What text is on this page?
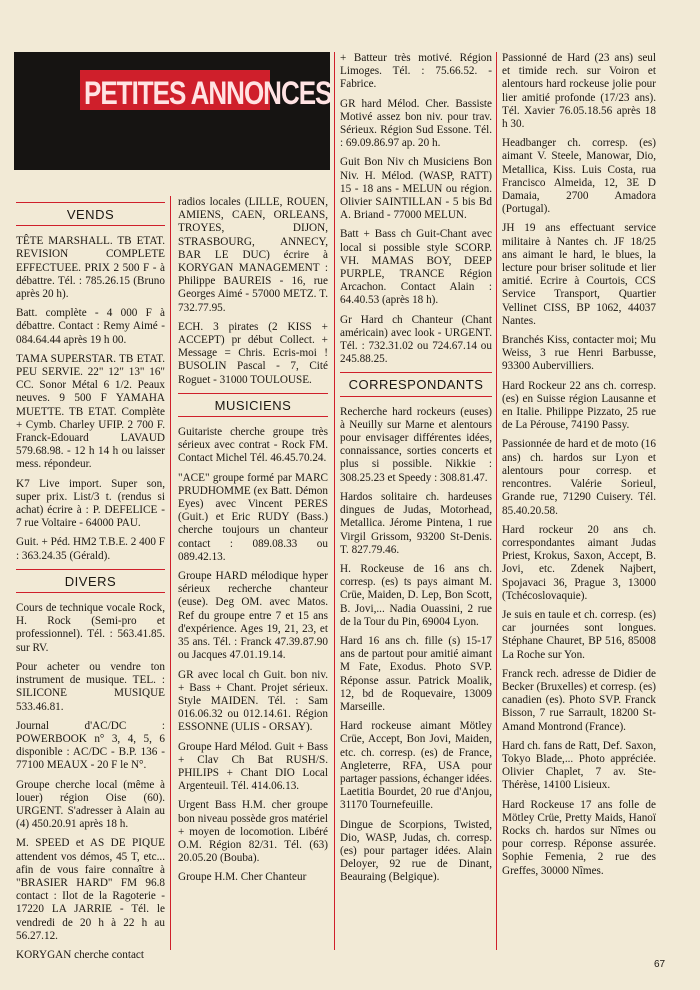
PETITES ANNONCES
VENDS

TÊTE MARSHALL. TB ETAT. REVISION COMPLETE EFFECTUEE. PRIX 2 500 F - à débattre. Tél. : 785.26.15 (Bruno après 20 h).

Batt. complète - 4 000 F à débattre. Contact : Remy Aimé - 084.64.44 après 19 h 00.

TAMA SUPERSTAR. TB ETAT. PEU SERVIE. 22" 12" 13" 16" CC. Sonor Métal 6 1/2. Peaux neuves. 9 500 F YAMAHA MUETTE. TB ETAT. Complète + Cymb. Charley UFIP. 2 700 F. Franck-Edouard LAVAUD 579.68.98. - 12 h 14 h ou laisser mess. répondeur.

K7 Live import. Super son, super prix. List/3 t. (rendus si achat) écrire à : P. DEFELICE - 7 rue Voltaire - 64000 PAU.

Guit. + Péd. HM2 T.B.E. 2 400 F : 363.24.35 (Gérald).

DIVERS

Cours de technique vocale Rock, H. Rock (Semi-pro et professionnel). Tél. : 563.41.85. sur RV.

Pour acheter ou vendre ton instrument de musique. TEL. : SILICONE MUSIQUE 533.46.81.

Journal d'AC/DC : POWERBOOK n° 3, 4, 5, 6 disponible : AC/DC - B.P. 136 - 77100 MEAUX - 20 F le N°.

Groupe cherche local (même à louer) région Oise (60). URGENT. S'adresser à Alain au (4) 450.20.91 après 18 h.

M. SPEED et AS DE PIQUE attendent vos démos, 45 T, etc... afin de vous faire connaître à "BRASIER HARD" FM 96.8 contact : Ilot de la Ragoterie - 17220 LA JARRIE - Tél. le vendredi de 20 h à 22 h au 56.27.12.

KORYGAN cherche contact

radios locales (LILLE, ROUEN, AMIENS, CAEN, ORLEANS, TROYES, DIJON, STRASBOURG, ANNECY, BAR LE DUC) écrire à KORYGAN MANAGEMENT : Philippe BAUREIS - 16, rue Georges Aimé - 57000 METZ. T. 732.77.95.

ECH. 3 pirates (2 KISS + ACCEPT) pr début Collect. + Message = Chris. Ecris-moi ! BUSOLIN Pascal - 7, Cité Roguet - 31000 TOULOUSE.

MUSICIENS

Guitariste cherche groupe très sérieux avec contrat - Rock FM. Contact Michel Tél. 46.45.70.24.

"ACE" groupe formé par MARC PRUDHOMME (ex Batt. Démon Eyes) avec Vincent PERES (Guit.) et Eric RUDY (Bass.) cherche toujours un chanteur contact : 089.08.33 ou 089.42.13.

Groupe HARD mélodique hyper sérieux recherche chanteur (euse). Deg OM. avec Matos. Ref du groupe entre 7 et 15 ans d'expérience. Ages 19, 21, 23, et 35 ans. Tél. : Franck 47.39.87.90 ou Jacques 47.01.19.14.

GR avec local ch Guit. bon niv. + Bass + Chant. Projet sérieux. Style MAIDEN. Tél. : Sam 016.06.32 ou 012.14.61. Région ESSONNE (ULIS - ORSAY).

Groupe Hard Mélod. Guit + Bass + Clav Ch Bat RUSH/S. PHILIPS + Chant DIO Local Argenteuil. Tél. 414.06.13.

Urgent Bass H.M. cher groupe bon niveau possède gros matériel + moyen de locomotion. Libéré O.M. Région 82/31. Tél. (63) 20.05.20 (Bouba).

Groupe H.M. Cher Chanteur

+ Batteur très motivé. Région Limoges. Tél. : 75.66.52. - Fabrice.

GR hard Mélod. Cher. Bassiste Motivé assez bon niv. pour trav. Sérieux. Région Sud Essone. Tél. : 69.09.86.97 ap. 20 h.

Guit Bon Niv ch Musiciens Bon Niv. H. Mélod. (WASP, RATT) 15 - 18 ans - MELUN ou région. Olivier SAINTILLAN - 5 bis Bd A. Briand - 77000 MELUN.

Batt + Bass ch Guit-Chant avec local si possible style SCORP. VH. MAMAS BOY, DEEP PURPLE, TRANCE Région Arcachon. Contact Alain : 64.40.53 (après 18 h).

Gr Hard ch Chanteur (Chant américain) avec look - URGENT. Tél. : 732.31.02 ou 724.67.14 ou 245.88.25.

CORRESPONDANTS

Recherche hard rockeurs (euses) à Neuilly sur Marne et alentours pour envisager différentes idées, connaissance, sorties concerts et plus si possible. Nikkie : 308.25.23 et Speedy : 308.81.47.

Hardos solitaire ch. hardeuses dingues de Judas, Motorhead, Metallica. Jérome Pintena, 1 rue Virgil Grissom, 93200 St-Denis. T. 827.79.46.

H. Rockeuse de 16 ans ch. corresp. (es) ts pays aimant M. Crüe, Maiden, D. Lep, Bon Scott, B. Jovi,... Nadia Ouassini, 2 rue de la Tour du Pin, 69004 Lyon.

Hard 16 ans ch. fille (s) 15-17 ans de partout pour amitié aimant M Fate, Exodus. Photo SVP. Réponse assur. Patrick Moalik, 12, bd de Roquevaire, 13009 Marseille.

Hard rockeuse aimant Mötley Crüe, Accept, Bon Jovi, Maiden, etc. ch. corresp. (es) de France, Angleterre, RFA, USA pour partager passions, échanger idées. Laetitia Bourdet, 20 rue d'Anjou, 31170 Tournefeuille.

Dingue de Scorpions, Twisted, Dio, WASP, Judas, ch. corresp. (es) pour partager idées. Alain Deloyer, 92 rue de Dinant, Beauraing (Belgique).

Passionné de Hard (23 ans) seul et timide rech. sur Voiron et alentours hard rockeuse jolie pour lier amitié profonde (17/23 ans). Tél. Xavier 76.05.18.56 après 18 h 30.

Headbanger ch. corresp. (es) aimant V. Steele, Manowar, Dio, Metallica, Kiss. Luis Costa, rua Francisco Almeida, 12, 3E D Damaia, 2700 Amadora (Portugal).

JH 19 ans effectuant service militaire à Nantes ch. JF 18/25 ans aimant le hard, le blues, la lecture pour briser solitude et lier amitié. Ecrire à Courtois, CCS Service Transport, Quartier Vellinet CISS, BP 1062, 44037 Nantes.

Branchés Kiss, contacter moi; Mu Weiss, 3 rue Henri Barbusse, 93300 Aubervilliers.

Hard Rockeur 22 ans ch. corresp. (es) en Suisse région Lausanne et en Italie. Philippe Pizzato, 25 rue de La Pérouse, 74190 Passy.

Passionnée de hard et de moto (16 ans) ch. hardos sur Lyon et alentours pour corresp. et rencontres. Valérie Sorieul, Grande rue, 71290 Cuisery. Tél. 85.40.20.58.

Hard rockeur 20 ans ch. correspondantes aimant Judas Priest, Krokus, Saxon, Accept, B. Jovi, etc. Zdenek Najbert, Spojavaci 36, Prague 3, 13000 (Tchécoslovaquie).

Je suis en taule et ch. corresp. (es) car journées sont longues. Stéphane Chauret, BP 516, 85008 La Roche sur Yon.

Franck rech. adresse de Didier de Becker (Bruxelles) et corresp. (es) canadien (es). Photo SVP. Franck Bisson, 7 rue Sarrault, 18200 St-Amand Montrond (France).

Hard ch. fans de Ratt, Def. Saxon, Tokyo Blade,... Photo appréciée. Olivier Chaplet, 7 av. Ste-Thérèse, 14100 Lisieux.

Hard Rockeuse 17 ans folle de Mötley Crüe, Pretty Maids, Hanoï Rocks ch. hardos sur Nîmes ou pour corresp. Réponse assurée. Sophie Femenia, 2 rue des Greffes, 30000 Nîmes.

67
